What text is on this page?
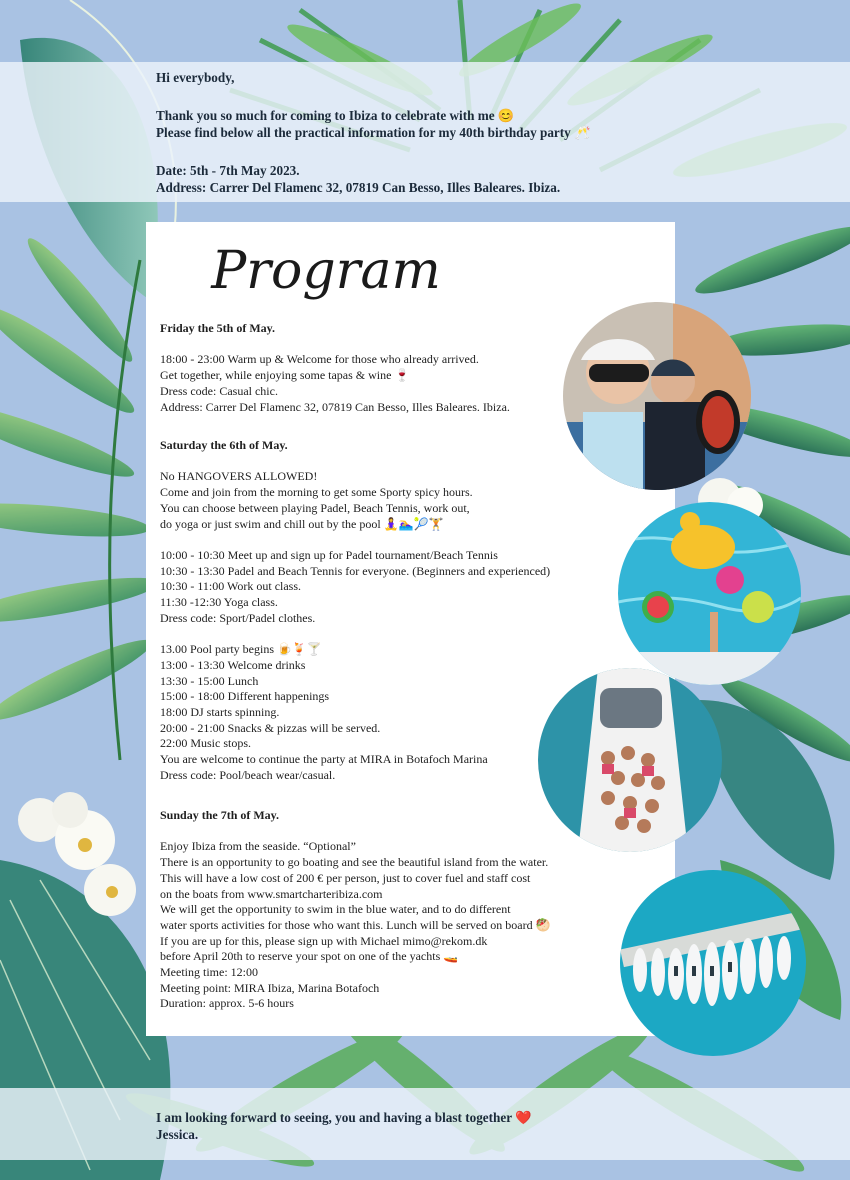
Hi everybody,
Thank you so much for coming to Ibiza to celebrate with me 😊
Please find below all the practical information for my 40th birthday party 🥂
Date: 5th - 7th May 2023.
Address: Carrer Del Flamenc 32, 07819 Can Besso, Illes Baleares. Ibiza.
Program
Friday the 5th of May.
18:00 - 23:00 Warm up & Welcome for those who already arrived.
Get together, while enjoying some tapas & wine 🍷
Dress code: Casual chic.
Address: Carrer Del Flamenc 32, 07819 Can Besso, Illes Baleares. Ibiza.
Saturday the 6th of May.
No HANGOVERS ALLOWED!
Come and join from the morning to get some Sporty spicy hours.
You can choose between playing Padel, Beach Tennis, work out,
do yoga or just swim and chill out by the pool 🧘‍♀️🏊‍♀️🎾🏋️
10:00 - 10:30 Meet up and sign up for Padel tournament/Beach Tennis
10:30 - 13:30 Padel and Beach Tennis for everyone. (Beginners and experienced)
10:30 - 11:00 Work out class.
11:30 -12:30 Yoga class.
Dress code: Sport/Padel clothes.
13.00 Pool party begins 🍺🍹🍸
13:00 - 13:30 Welcome drinks
13:30 - 15:00 Lunch
15:00 - 18:00 Different happenings
18:00 DJ starts spinning.
20:00 - 21:00 Snacks & pizzas will be served.
22:00 Music stops.
You are welcome to continue the party at MIRA in Botafoch Marina
Dress code: Pool/beach wear/casual.
Sunday the 7th of May.
Enjoy Ibiza from the seaside. “Optional”
There is an opportunity to go boating and see the beautiful island from the water.
This will have a low cost of 200 € per person, just to cover fuel and staff cost
on the boats from www.smartcharteribiza.com
We will get the opportunity to swim in the blue water, and to do different
water sports activities for those who want this. Lunch will be served on board 🥙
If you are up for this, please sign up with Michael mimo@rekom.dk
before April 20th to reserve your spot on one of the yachts 🚤
Meeting time: 12:00
Meeting point: MIRA Ibiza, Marina Botafoch
Duration: approx. 5-6 hours
I am looking forward to seeing, you and having a blast together ❤️
Jessica.
